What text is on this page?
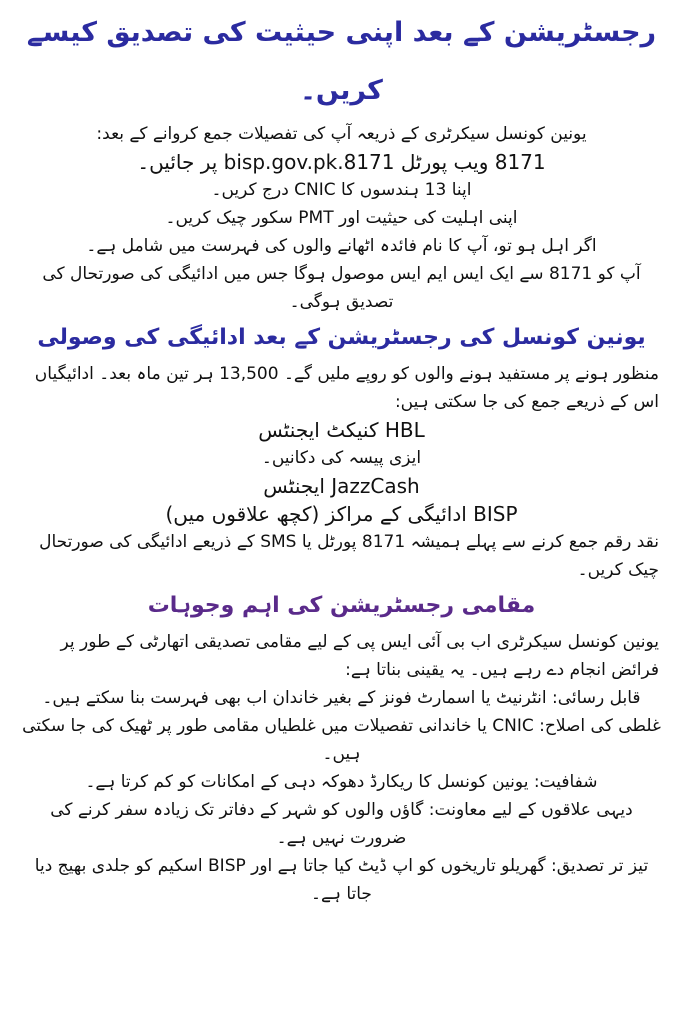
رجسٹریشن کے بعد اپنی حیثیت کی تصدیق کیسے کریں۔

یونین کونسل سیکرٹری کے ذریعہ آپ کی تفصیلات جمع کروانے کے بعد:

8171 ویب پورٹل bisp.gov.pk.8171 پر جائیں۔

اپنا 13 ہندسوں کا CNIC درج کریں۔

اپنی اہلیت کی حیثیت اور PMT سکور چیک کریں۔

اگر اہل ہو تو، آپ کا نام فائدہ اٹھانے والوں کی فہرست میں شامل ہے۔

آپ کو 8171 سے ایک ایس ایم ایس موصول ہوگا جس میں ادائیگی کی صورتحال کی تصدیق ہوگی۔

یونین کونسل کی رجسٹریشن کے بعد ادائیگی کی وصولی

منظور ہونے پر مستفید ہونے والوں کو روپے ملیں گے۔ 13,500 ہر تین ماہ بعد۔ ادائیگیاں اس کے ذریعے جمع کی جا سکتی ہیں:

HBL کنیکٹ ایجنٹس

ایزی پیسہ کی دکانیں۔

JazzCash ایجنٹس

BISP ادائیگی کے مراکز (کچھ علاقوں میں)

نقد رقم جمع کرنے سے پہلے ہمیشہ 8171 پورٹل یا SMS کے ذریعے ادائیگی کی صورتحال چیک کریں۔

مقامی رجسٹریشن کی اہم وجوہات

یونین کونسل سیکرٹری اب بی آئی ایس پی کے لیے مقامی تصدیقی اتھارٹی کے طور پر فرائض انجام دے رہے ہیں۔ یہ یقینی بناتا ہے:

قابل رسائی: انٹرنیٹ یا اسمارٹ فونز کے بغیر خاندان اب بھی فہرست بنا سکتے ہیں۔

غلطی کی اصلاح: CNIC یا خاندانی تفصیلات میں غلطیاں مقامی طور پر ٹھیک کی جا سکتی ہیں۔

شفافیت: یونین کونسل کا ریکارڈ دھوکہ دہی کے امکانات کو کم کرتا ہے۔

دیہی علاقوں کے لیے معاونت: گاؤں والوں کو شہر کے دفاتر تک زیادہ سفر کرنے کی ضرورت نہیں ہے۔

تیز تر تصدیق: گھریلو تاریخوں کو اپ ڈیٹ کیا جاتا ہے اور BISP اسکیم کو جلدی بھیج دیا جاتا ہے۔
